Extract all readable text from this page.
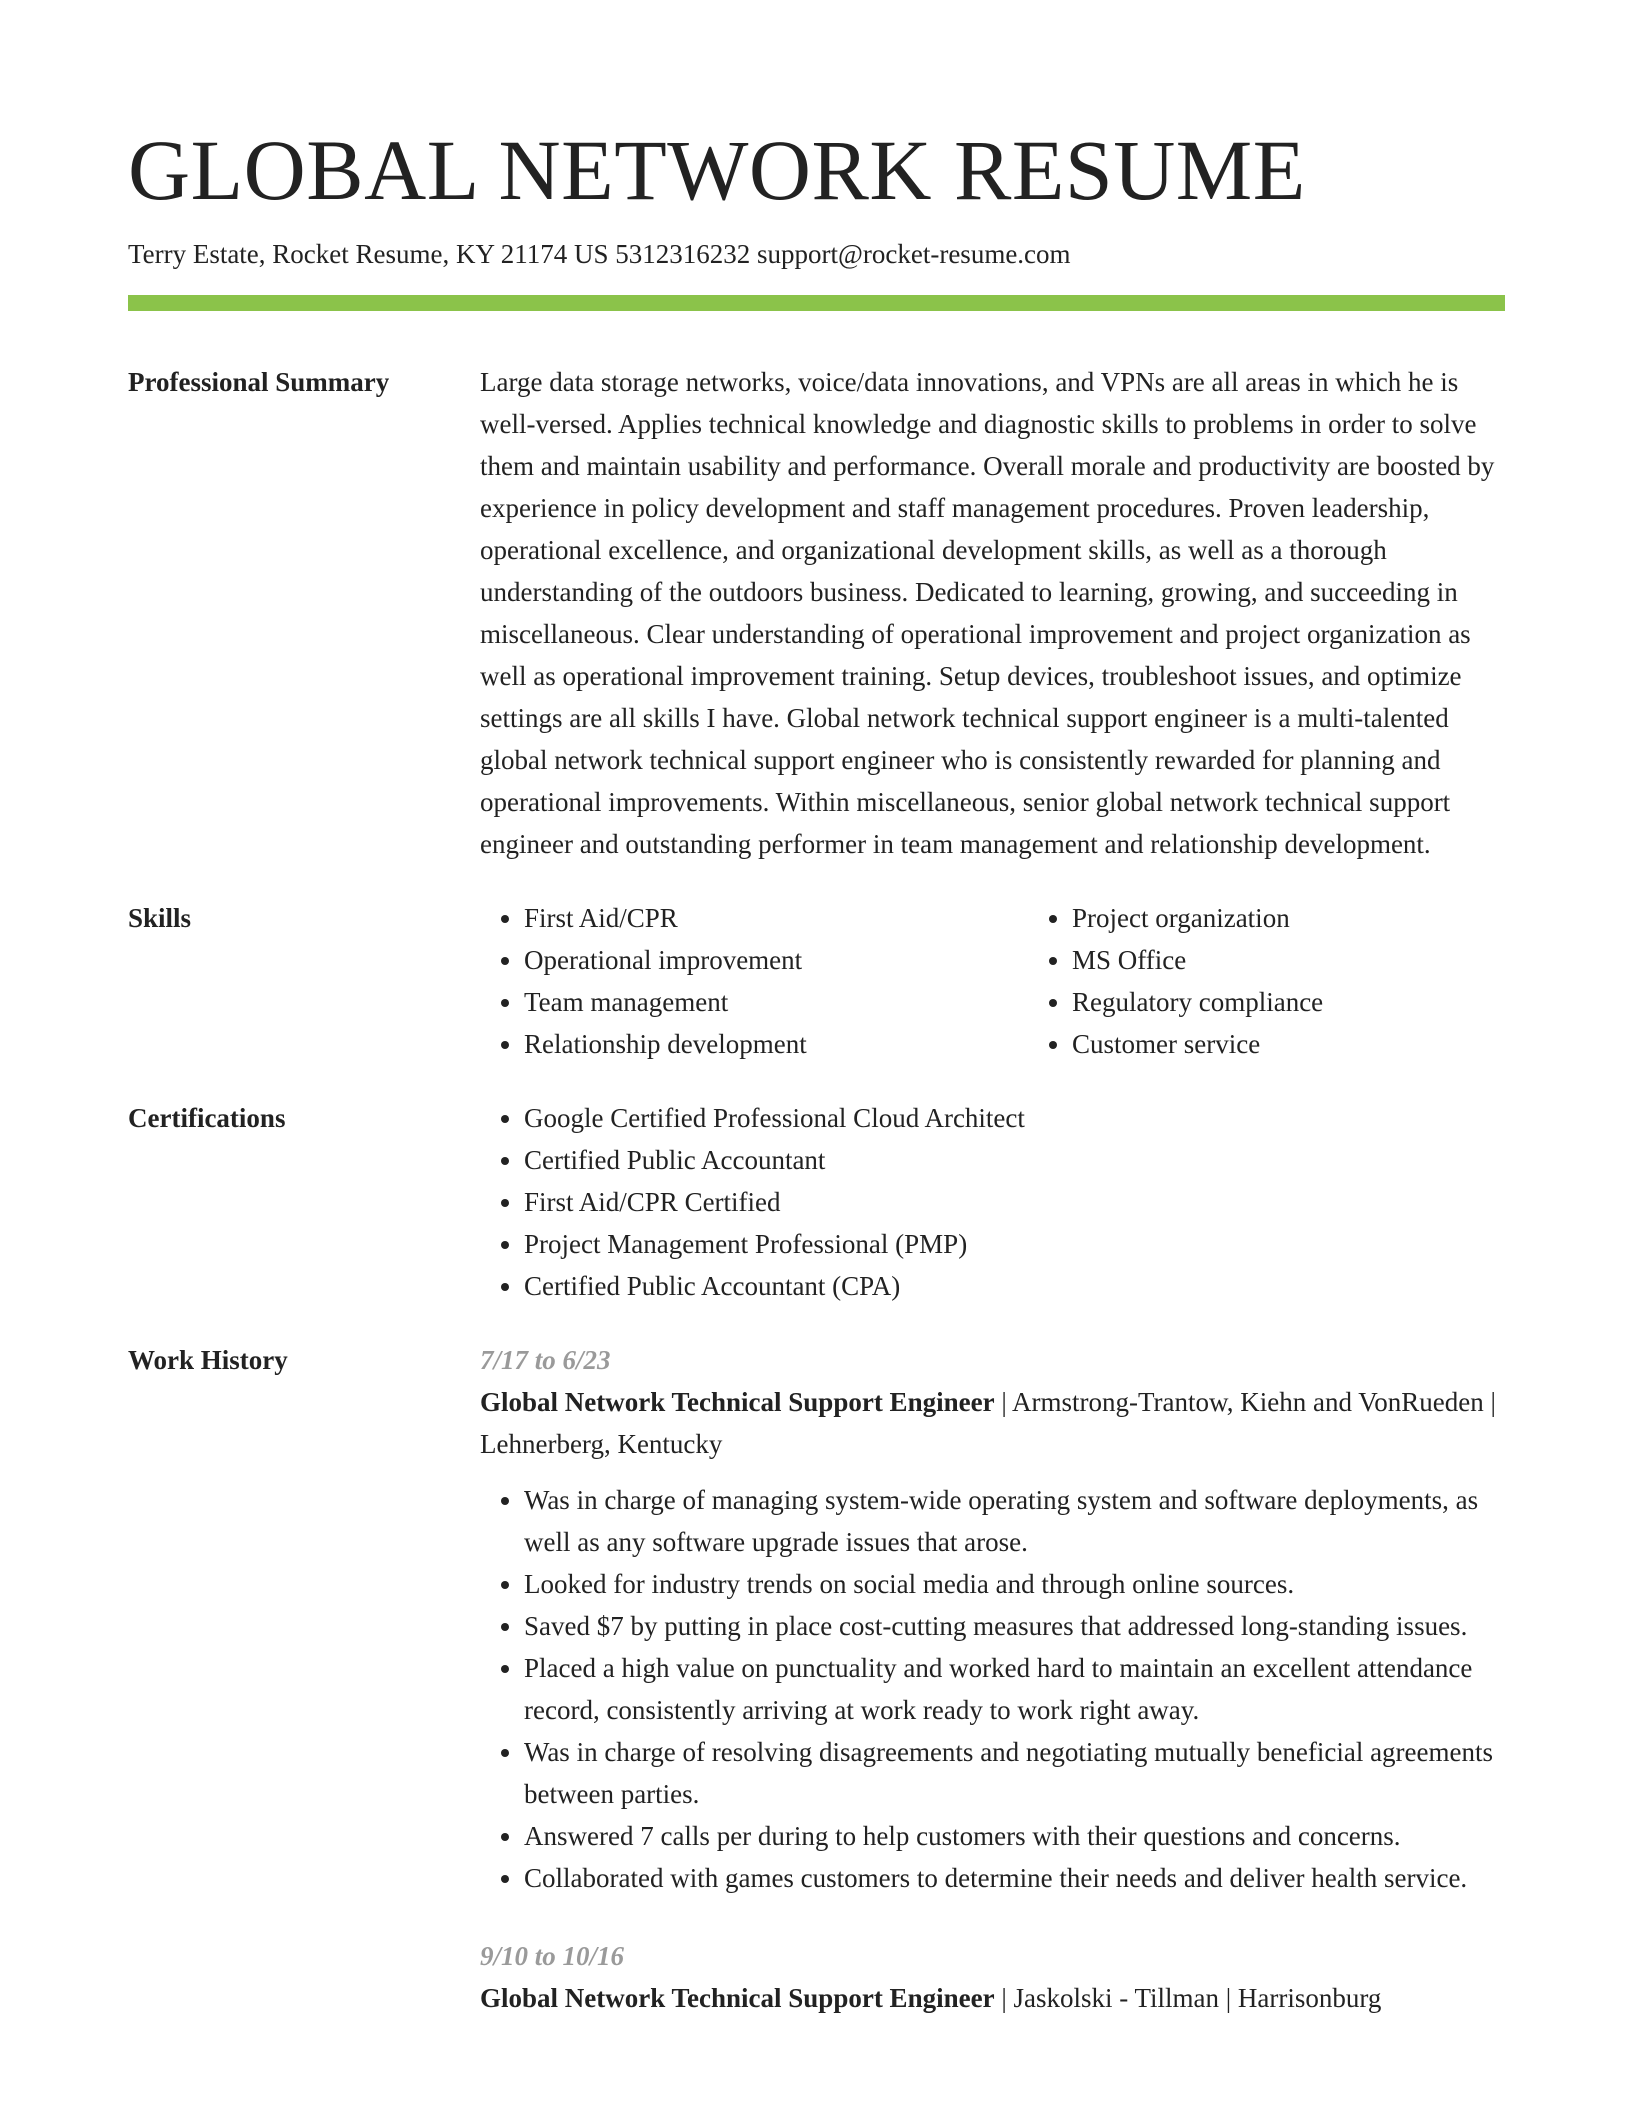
GLOBAL NETWORK RESUME
Terry Estate, Rocket Resume, KY 21174 US 5312316232 support@rocket-resume.com
Professional Summary	Large data storage networks, voice/data innovations, and VPNs are all areas in which he is well-versed. Applies technical knowledge and diagnostic skills to problems in order to solve them and maintain usability and performance. Overall morale and productivity are boosted by experience in policy development and staff management procedures. Proven leadership, operational excellence, and organizational development skills, as well as a thorough understanding of the outdoors business. Dedicated to learning, growing, and succeeding in miscellaneous. Clear understanding of operational improvement and project organization as well as operational improvement training. Setup devices, troubleshoot issues, and optimize settings are all skills I have. Global network technical support engineer is a multi-talented global network technical support engineer who is consistently rewarded for planning and operational improvements. Within miscellaneous, senior global network technical support engineer and outstanding performer in team management and relationship development.

Skills	• First Aid/CPR
• Operational improvement
• Team management
• Relationship development
• Project organization
• MS Office
• Regulatory compliance
• Customer service
Certifications	• Google Certified Professional Cloud Architect
• Certified Public Accountant
• First Aid/CPR Certified
• Project Management Professional (PMP)
• Certified Public Accountant (CPA)
Work History	7/17 to 6/23
Global Network Technical Support Engineer | Armstrong-Trantow, Kiehn and VonRueden | Lehnerberg, Kentucky
• Was in charge of managing system-wide operating system and software deployments, as well as any software upgrade issues that arose.
• Looked for industry trends on social media and through online sources.
• Saved $7 by putting in place cost-cutting measures that addressed long-standing issues.
• Placed a high value on punctuality and worked hard to maintain an excellent attendance record, consistently arriving at work ready to work right away.
• Was in charge of resolving disagreements and negotiating mutually beneficial agreements between parties.
• Answered 7 calls per during to help customers with their questions and concerns.
• Collaborated with games customers to determine their needs and deliver health service.
9/10 to 10/16
Global Network Technical Support Engineer | Jaskolski - Tillman | Harrisonburg
